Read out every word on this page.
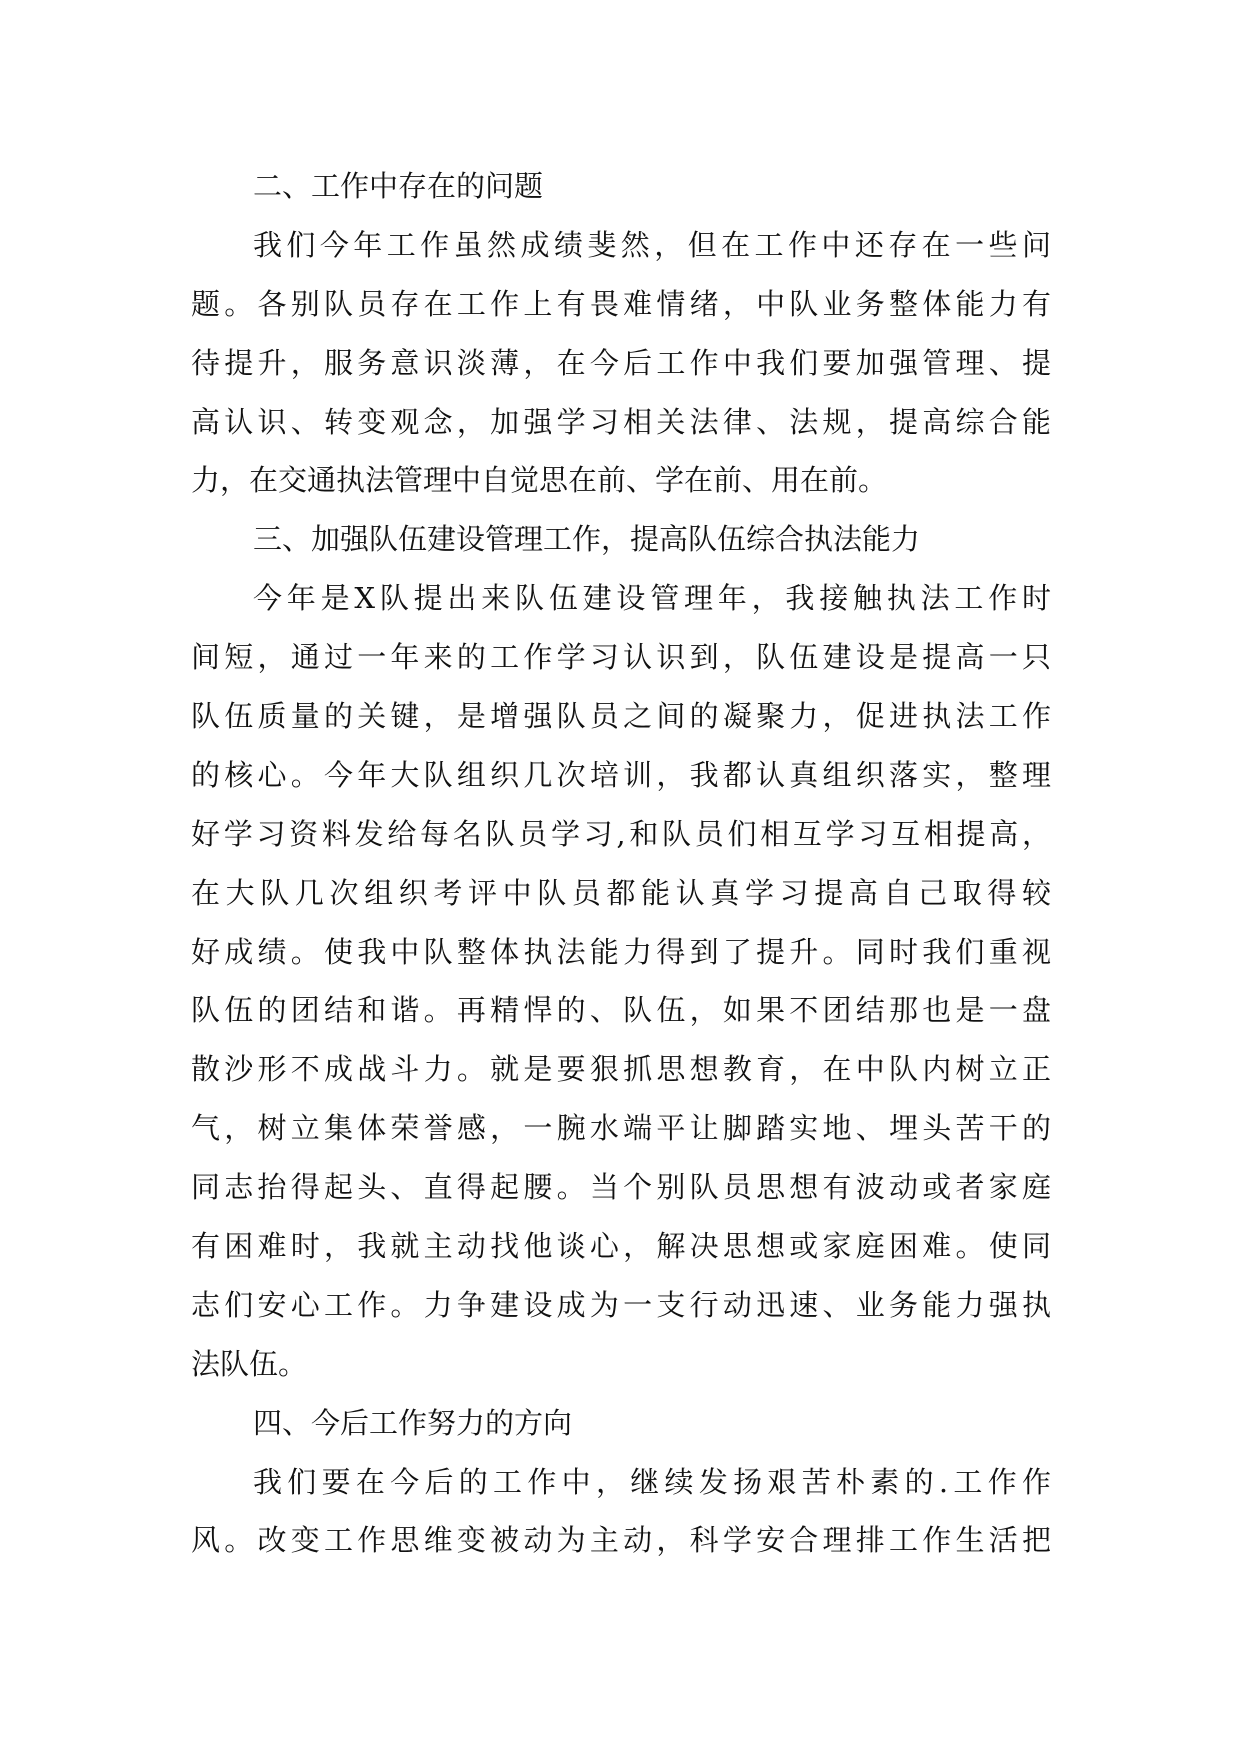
二、工作中存在的问题
我们今年工作虽然成绩斐然，但在工作中还存在一些问
题。各别队员存在工作上有畏难情绪，中队业务整体能力有
待提升，服务意识淡薄，在今后工作中我们要加强管理、提
高认识、转变观念，加强学习相关法律、法规，提高综合能
力，在交通执法管理中自觉思在前、学在前、用在前。
三、加强队伍建设管理工作，提高队伍综合执法能力
今年是X队提出来队伍建设管理年，我接触执法工作时
间短，通过一年来的工作学习认识到，队伍建设是提高一只
队伍质量的关键，是增强队员之间的凝聚力，促进执法工作
的核心。今年大队组织几次培训，我都认真组织落实，整理
好学习资料发给每名队员学习,和队员们相互学习互相提高，
在大队几次组织考评中队员都能认真学习提高自己取得较
好成绩。使我中队整体执法能力得到了提升。同时我们重视
队伍的团结和谐。再精悍的、队伍，如果不团结那也是一盘
散沙形不成战斗力。就是要狠抓思想教育，在中队内树立正
气，树立集体荣誉感，一腕水端平让脚踏实地、埋头苦干的
同志抬得起头、直得起腰。当个别队员思想有波动或者家庭
有困难时，我就主动找他谈心，解决思想或家庭困难。使同
志们安心工作。力争建设成为一支行动迅速、业务能力强执
法队伍。
四、今后工作努力的方向
我们要在今后的工作中，继续发扬艰苦朴素的.工作作
风。改变工作思维变被动为主动，科学安合理排工作生活把
